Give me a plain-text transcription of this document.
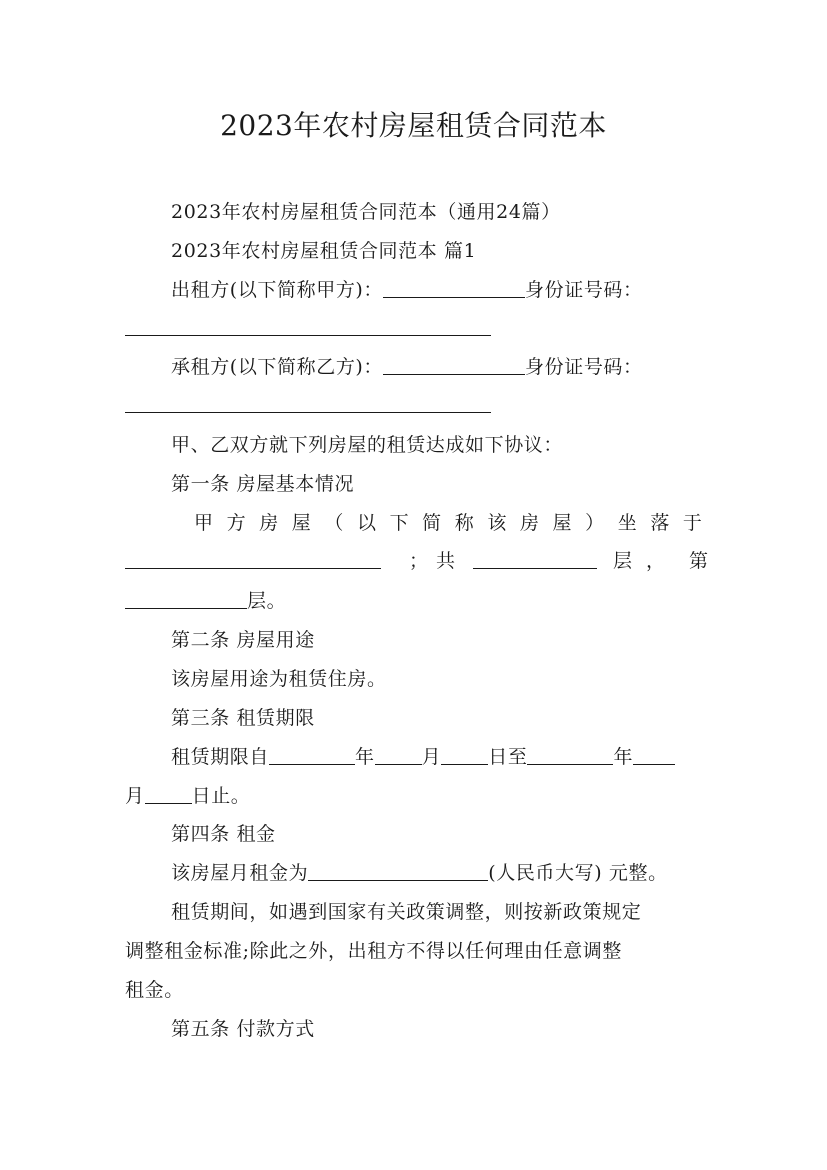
2023年农村房屋租赁合同范本
2023年农村房屋租赁合同范本（通用24篇）
2023年农村房屋租赁合同范本 篇1
出租方(以下简称甲方)：	身份证号码：
承租方(以下简称乙方)：	身份证号码：
甲、乙双方就下列房屋的租赁达成如下协议：
第一条 房屋基本情况
甲 方 房 屋 （ 以 下 简 称 该 房 屋 ） 坐 落 于
；共	层， 第
层。
第二条 房屋用途
该房屋用途为租赁住房。
第三条 租赁期限
租赁期限自	年 月 日至	年
月 日止。
第四条 租金
该房屋月租金为	(人民币大写) 元整。
租赁期间，如遇到国家有关政策调整，则按新政策规定
调整租金标准;除此之外，出租方不得以任何理由任意调整
租金。
第五条 付款方式
